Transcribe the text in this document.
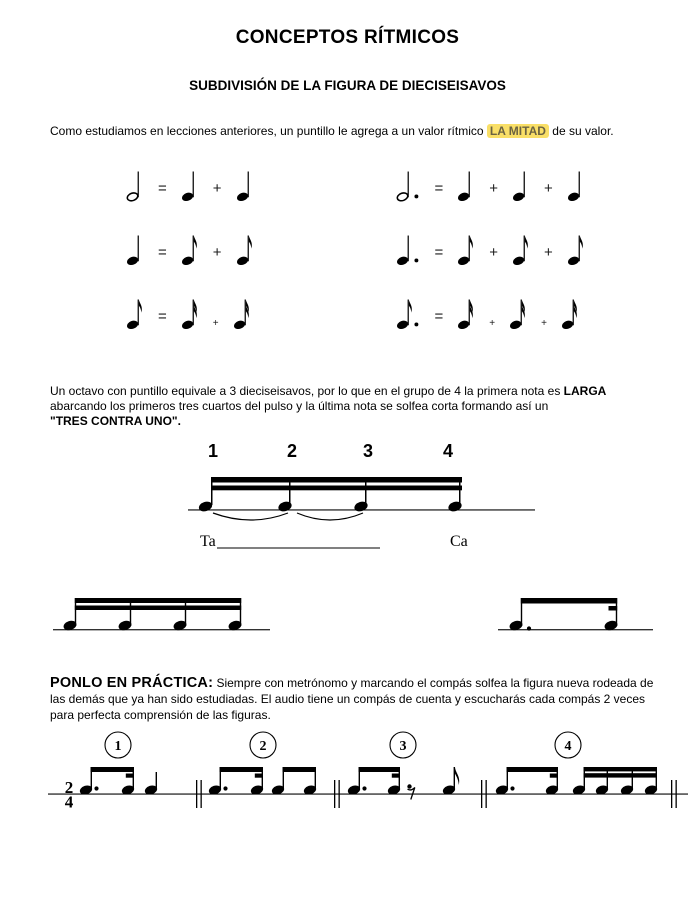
CONCEPTOS RÍTMICOS
SUBDIVISIÓN DE LA FIGURA DE DIECISEISAVOS

Como estudiamos en lecciones anteriores, un puntillo le agrega a un valor rítmico LA MITAD de su valor.

=	+
=	+
=	+
=	+	+
=	+	+
=	+	+

Un octavo con puntillo equivale a 3 dieciseisavos, por lo que en el grupo de 4 la primera nota es LARGA
abarcando los primeros tres cuartos del pulso y la última nota se solfea corta formando así un
"TRES CONTRA UNO".

1	2	3	4
Ta	Ca

PONLO EN PRÁCTICA: Siempre con metrónomo y marcando el compás solfea la figura nueva rodeada de las demás que ya han sido estudiadas. El audio tiene un compás de cuenta y escucharás cada compás 2 veces para perfecta comprensión de las figuras.

2
4
1	2	3	4
